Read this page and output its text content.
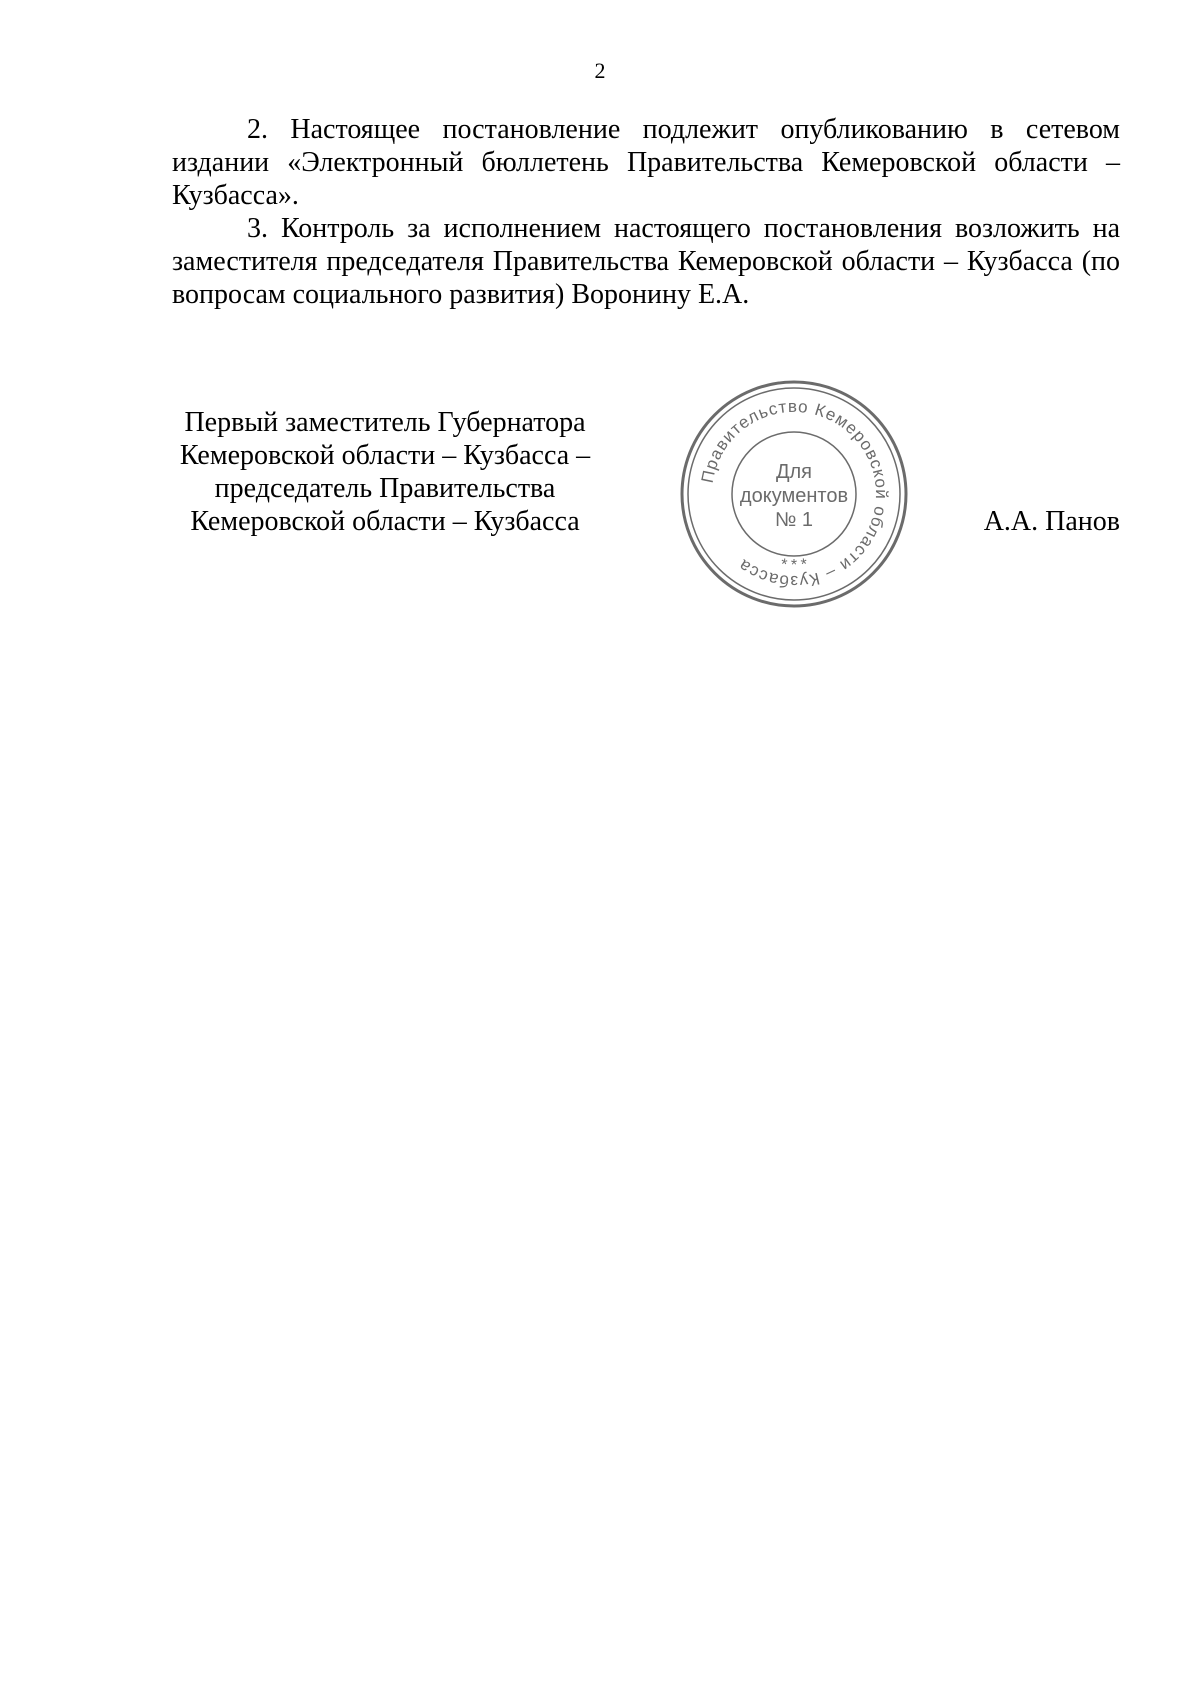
2

2. Настоящее постановление подлежит опубликованию в сетевом издании «Электронный бюллетень Правительства Кемеровской области – Кузбасса».

3. Контроль за исполнением настоящего постановления возложить на заместителя председателя Правительства Кемеровской области – Кузбасса (по вопросам социального развития) Воронину Е.А.

Первый заместитель Губернатора
Кемеровской области – Кузбасса –
председатель Правительства
Кемеровской области – Кузбасса
Правительство Кемеровской области – Кузбасса	* * *
Для
документов
№ 1	А.А. Панов
